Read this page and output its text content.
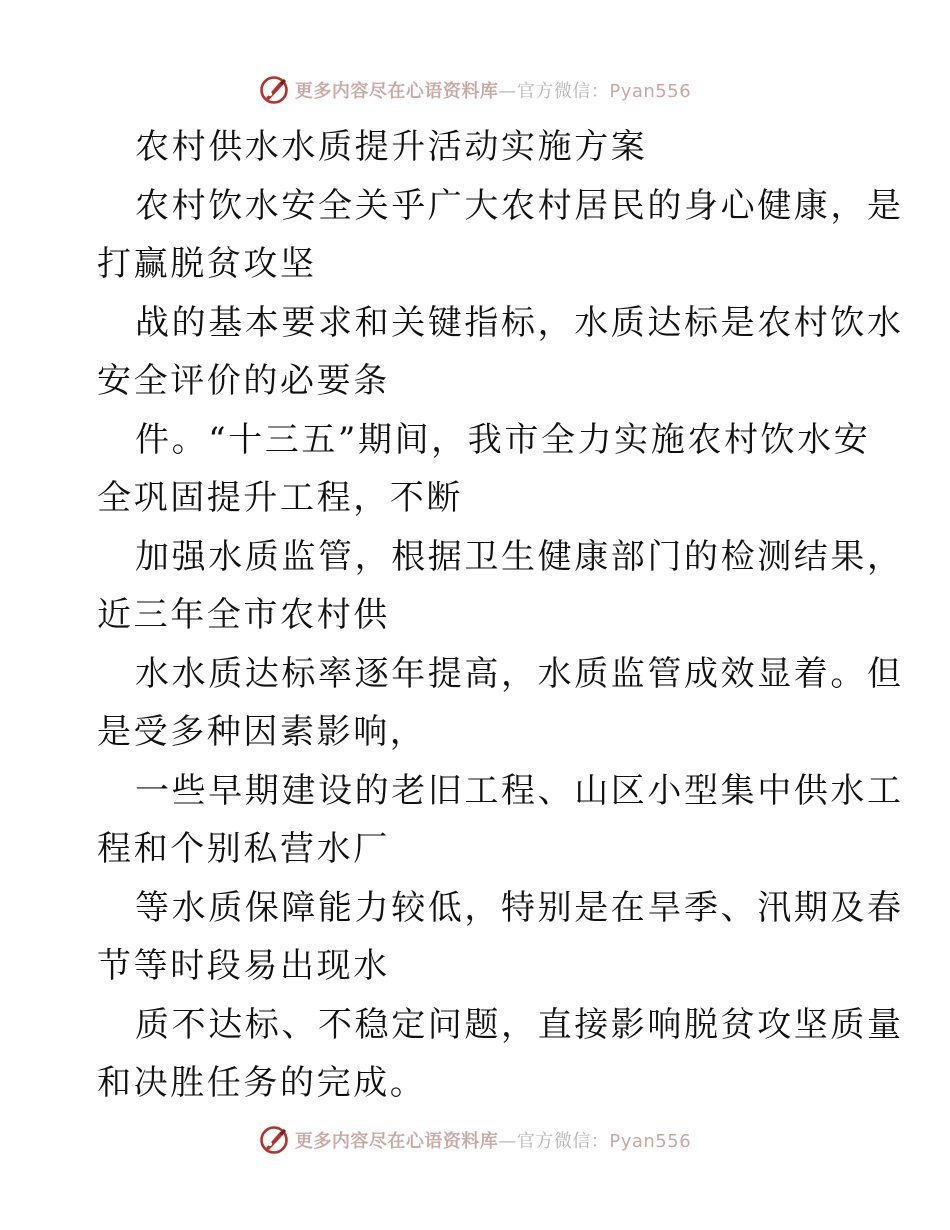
更多内容尽在心语资料库—官方微信：Pyan556
农村供水水质提升活动实施方案
农村饮水安全关乎广大农村居民的身心健康，是
打赢脱贫攻坚
战的基本要求和关键指标，水质达标是农村饮水
安全评价的必要条
件。“十三五”期间，我市全力实施农村饮水安
全巩固提升工程，不断
加强水质监管，根据卫生健康部门的检测结果，
近三年全市农村供
水水质达标率逐年提高，水质监管成效显着。但
是受多种因素影响，
一些早期建设的老旧工程、山区小型集中供水工
程和个别私营水厂
等水质保障能力较低，特别是在旱季、汛期及春
节等时段易出现水
质不达标、不稳定问题，直接影响脱贫攻坚质量
和决胜任务的完成。
更多内容尽在心语资料库—官方微信：Pyan556
